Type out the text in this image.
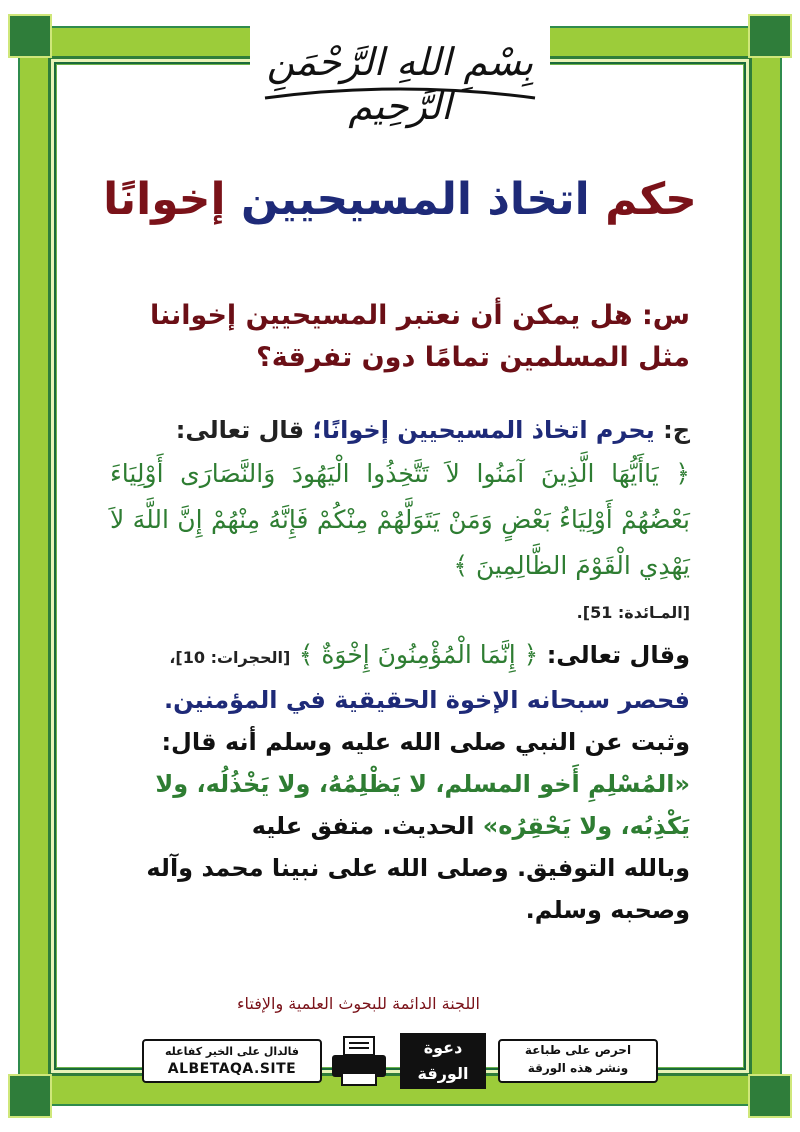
بِسْمِ اللهِ الرَّحْمَنِ الرَّحِيم
حكم اتخاذ المسيحيين إخوانًا

س: هل يمكن أن نعتبر المسيحيين إخواننا مثل المسلمين تمامًا دون تفرقة؟

ج: يحرم اتخاذ المسيحيين إخوانًا؛ قال تعالى:

﴿ يَاأَيُّهَا الَّذِينَ آمَنُوا لاَ تَتَّخِذُوا الْيَهُودَ وَالنَّصَارَى أَوْلِيَاءَ بَعْضُهُمْ أَوْلِيَاءُ بَعْضٍ وَمَنْ يَتَوَلَّهُمْ مِنْكُمْ فَإِنَّهُ مِنْهُمْ إِنَّ اللَّهَ لاَ يَهْدِي الْقَوْمَ الظَّالِمِينَ ﴾

[المـائدة: 51].

وقال تعالى: ﴿ إِنَّمَا الْمُؤْمِنُونَ إِخْوَةٌ ﴾ [الحجرات: 10]،

فحصر سبحانه الإخوة الحقيقية في المؤمنين.

وثبت عن النبي صلى الله عليه وسلم أنه قال:

«المُسْلِمِ أَخو المسلم، لا يَظْلِمُهُ، ولا يَخْذُلُه، ولا يَكْذِبُه، ولا يَحْقِرُه» الحديث. متفق عليه

وبالله التوفيق. وصلى الله على نبينا محمد وآله وصحبه وسلم.

اللجنة الدائمة للبحوث العلمية والإفتاء
احرص على طباعة
ونشر هذه الورقة
دعوة
الورقة
فالدال على الخير كفاعله
ALBETAQA.SITE
